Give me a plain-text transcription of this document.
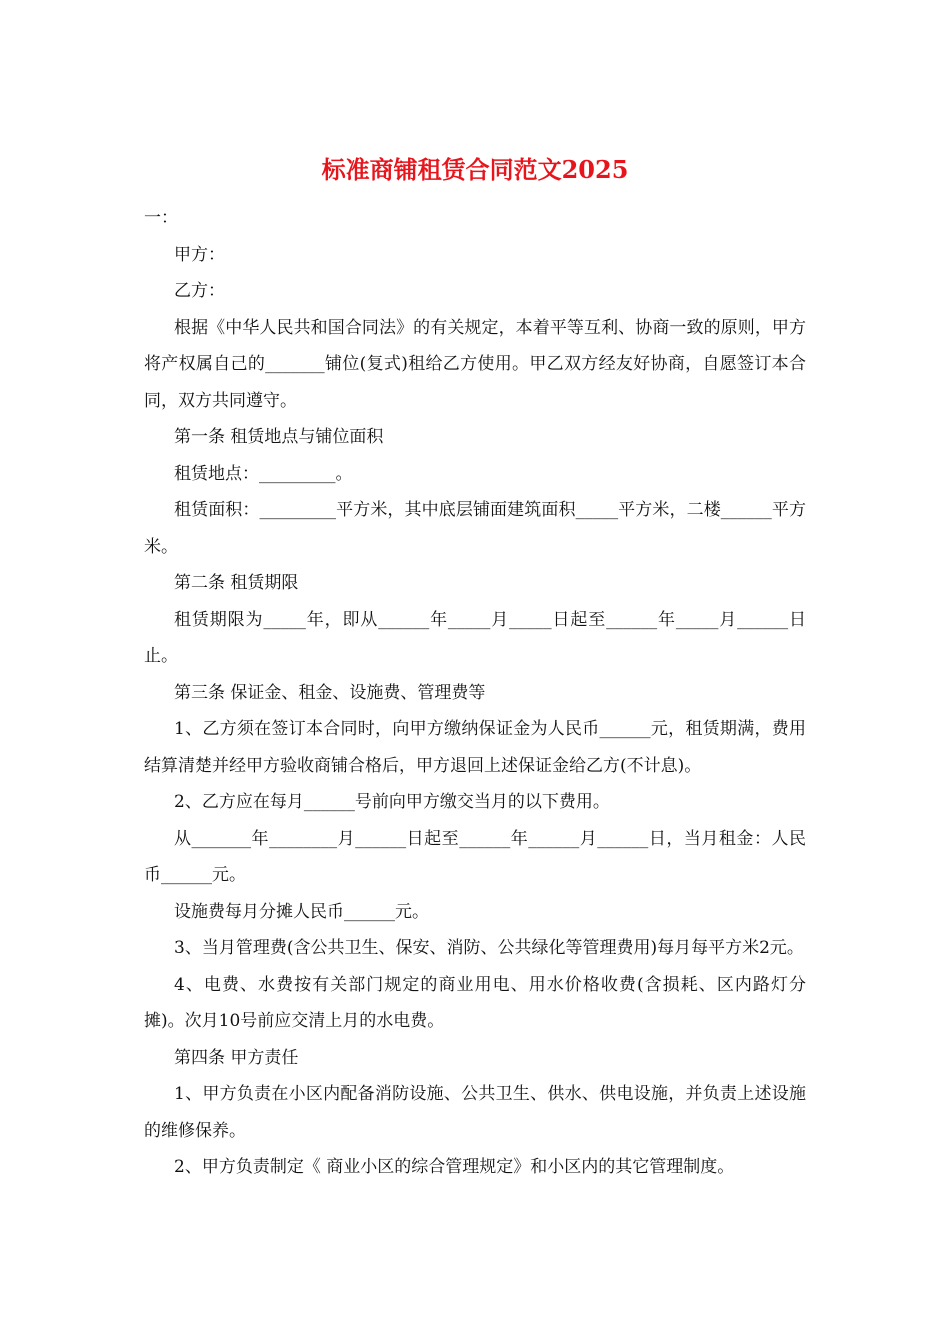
标准商铺租赁合同范文2025

一：

甲方：

乙方：

根据《中华人民共和国合同法》的有关规定，本着平等互利、协商一致的原则，甲方将产权属自己的_______铺位(复式)租给乙方使用。甲乙双方经友好协商，自愿签订本合同，双方共同遵守。

第一条 租赁地点与铺位面积

租赁地点：_________。

租赁面积：_________平方米，其中底层铺面建筑面积_____平方米，二楼______平方米。

第二条 租赁期限

租赁期限为_____年，即从______年_____月_____日起至______年_____月______日止。

第三条 保证金、租金、设施费、管理费等

1、乙方须在签订本合同时，向甲方缴纳保证金为人民币______元，租赁期满，费用结算清楚并经甲方验收商铺合格后，甲方退回上述保证金给乙方(不计息)。

2、乙方应在每月______号前向甲方缴交当月的以下费用。

从_______年________月______日起至______年______月______日，当月租金：人民币______元。

设施费每月分摊人民币______元。

3、当月管理费(含公共卫生、保安、消防、公共绿化等管理费用)每月每平方米2元。

4、电费、水费按有关部门规定的商业用电、用水价格收费(含损耗、区内路灯分摊)。次月10号前应交清上月的水电费。

第四条 甲方责任

1、甲方负责在小区内配备消防设施、公共卫生、供水、供电设施，并负责上述设施的维修保养。

2、甲方负责制定《 商业小区的综合管理规定》和小区内的其它管理制度。
